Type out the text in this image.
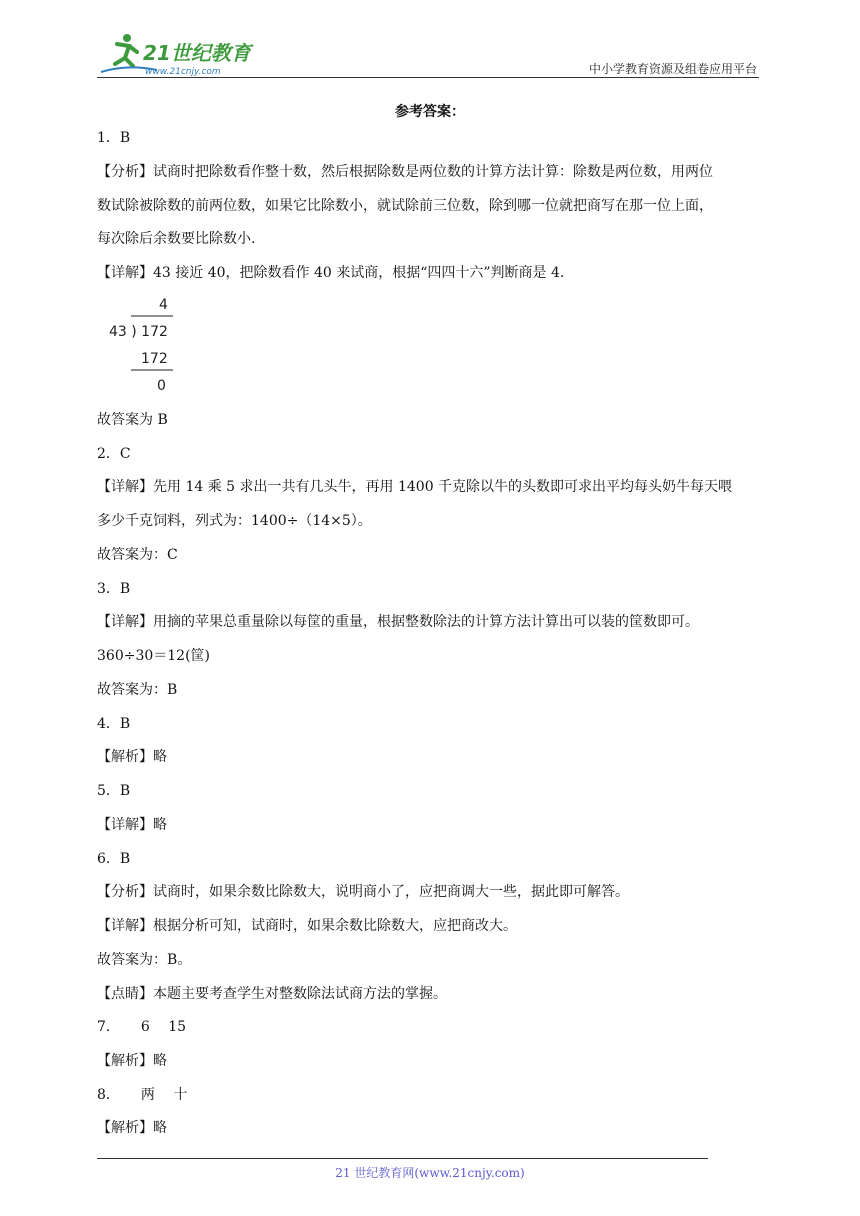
21世纪教育
www.21cnjy.com	中小学教育资源及组卷应用平台
参考答案：
1．B
【分析】试商时把除数看作整十数，然后根据除数是两位数的计算方法计算：除数是两位数，用两位
数试除被除数的前两位数，如果它比除数小，就试除前三位数，除到哪一位就把商写在那一位上面，
每次除后余数要比除数小.
【详解】43 接近 40，把除数看作 40 来试商，根据“四四十六”判断商是 4.
4
43 ) 172
172
0
故答案为 B
2．C
【详解】先用 14 乘 5 求出一共有几头牛，再用 1400 千克除以牛的头数即可求出平均每头奶牛每天喂
多少千克饲料，列式为：1400÷（14×5）。
故答案为：C
3．B
【详解】用摘的苹果总重量除以每筐的重量，根据整数除法的计算方法计算出可以装的筐数即可。
360÷30＝12(筐)
故答案为：B
4．B
【解析】略
5．B
【详解】略
6．B
【分析】试商时，如果余数比除数大，说明商小了，应把商调大一些，据此即可解答。
【详解】根据分析可知，试商时，如果余数比除数大，应把商改大。
故答案为：B。
【点睛】本题主要考查学生对整数除法试商方法的掌握。
7．　　6　 15
【解析】略
8．　　两　 十
【解析】略
21 世纪教育网(www.21cnjy.com)
